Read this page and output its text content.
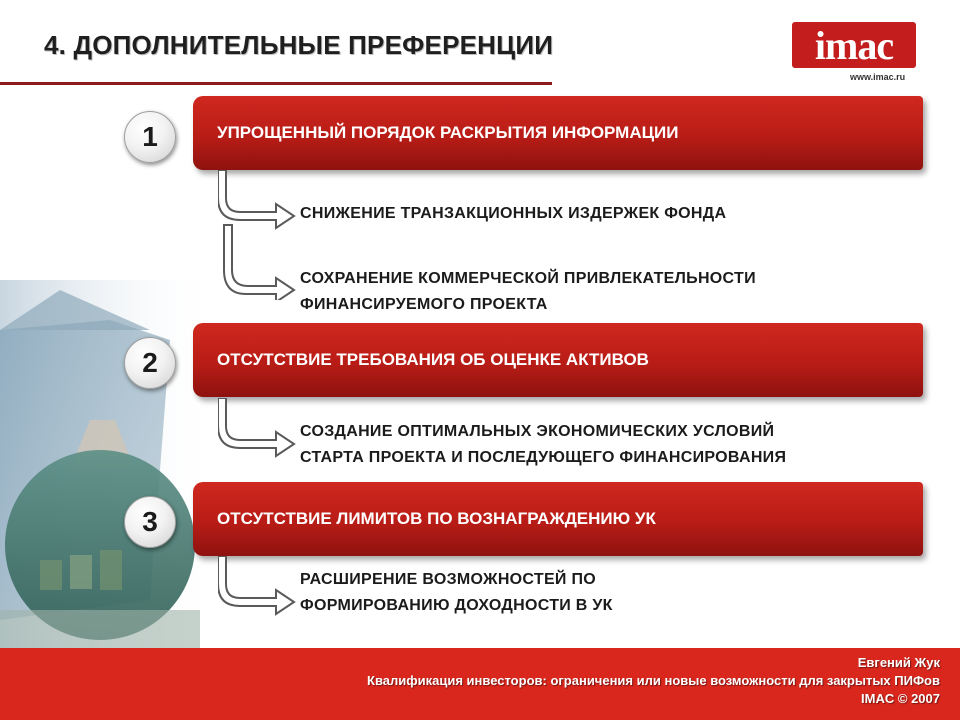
4. ДОПОЛНИТЕЛЬНЫЕ ПРЕФЕРЕНЦИИ	imac
www.imac.ru
УПРОЩЕННЫЙ ПОРЯДОК РАСКРЫТИЯ ИНФОРМАЦИИ
1
СНИЖЕНИЕ ТРАНЗАКЦИОННЫХ ИЗДЕРЖЕК ФОНДА
СОХРАНЕНИЕ КОММЕРЧЕСКОЙ ПРИВЛЕКАТЕЛЬНОСТИ
ФИНАНСИРУЕМОГО ПРОЕКТА
ОТСУТСТВИЕ ТРЕБОВАНИЯ ОБ ОЦЕНКЕ АКТИВОВ
2
СОЗДАНИЕ ОПТИМАЛЬНЫХ ЭКОНОМИЧЕСКИХ УСЛОВИЙ
СТАРТА ПРОЕКТА И ПОСЛЕДУЮЩЕГО ФИНАНСИРОВАНИЯ
ОТСУТСТВИЕ ЛИМИТОВ ПО ВОЗНАГРАЖДЕНИЮ УК
3
РАСШИРЕНИЕ ВОЗМОЖНОСТЕЙ ПО
ФОРМИРОВАНИЮ ДОХОДНОСТИ В УК
Евгений Жук
Квалификация инвесторов: ограничения или новые возможности для закрытых ПИФов
IMAC © 2007
